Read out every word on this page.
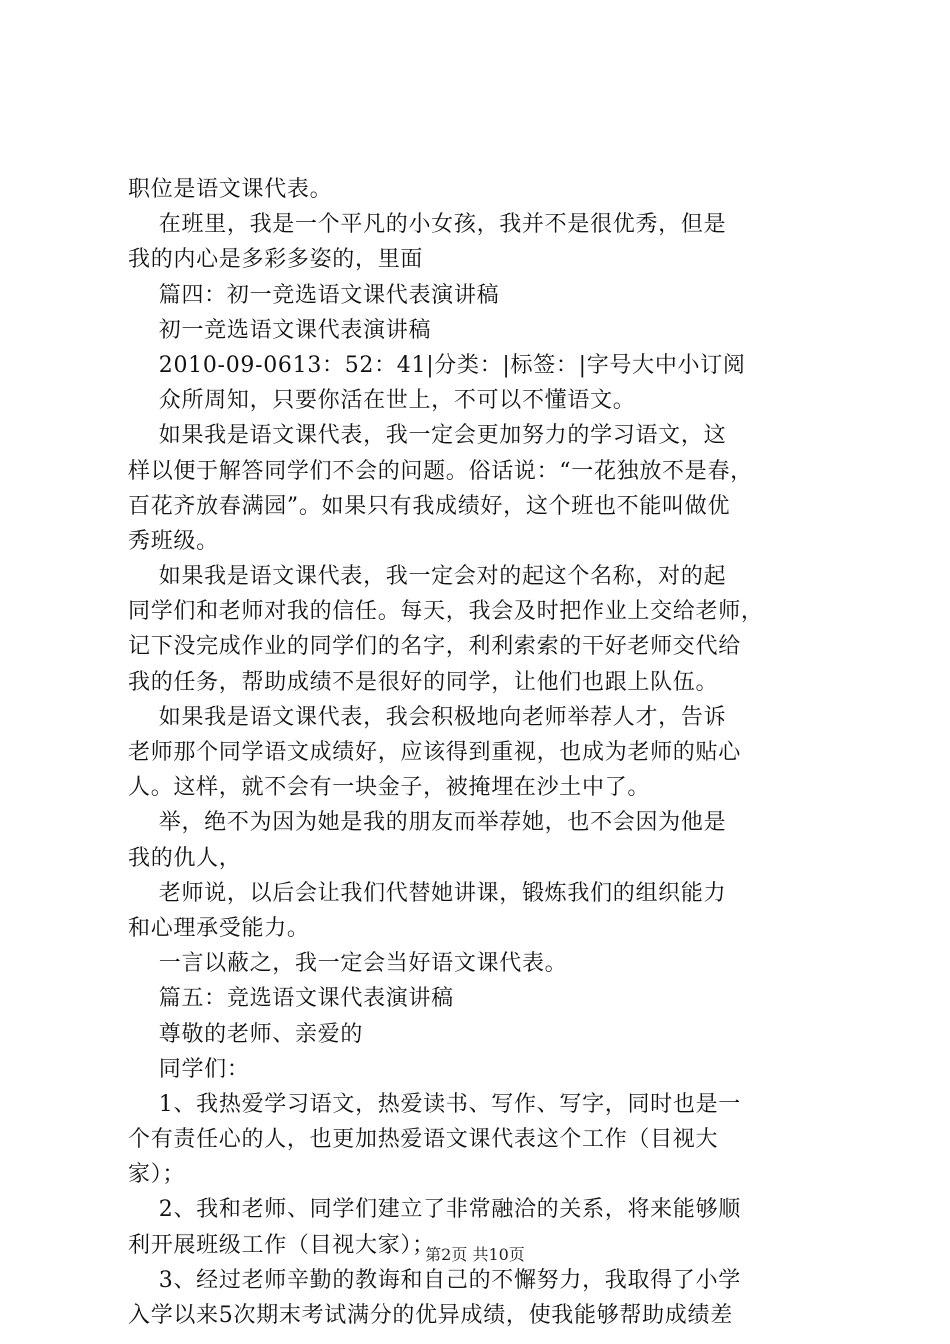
职位是语文课代表。
在班里，我是一个平凡的小女孩，我并不是很优秀，但是
我的内心是多彩多姿的，里面
篇四：初一竞选语文课代表演讲稿
初一竞选语文课代表演讲稿
2010-09-0613：52：41|分类：|标签：|字号大中小订阅
众所周知，只要你活在世上，不可以不懂语文。
如果我是语文课代表，我一定会更加努力的学习语文，这
样以便于解答同学们不会的问题。俗话说：“一花独放不是春，
百花齐放春满园”。如果只有我成绩好，这个班也不能叫做优
秀班级。
如果我是语文课代表，我一定会对的起这个名称，对的起
同学们和老师对我的信任。每天，我会及时把作业上交给老师，
记下没完成作业的同学们的名字，利利索索的干好老师交代给
我的任务，帮助成绩不是很好的同学，让他们也跟上队伍。
如果我是语文课代表，我会积极地向老师举荐人才，告诉
老师那个同学语文成绩好，应该得到重视，也成为老师的贴心
人。这样，就不会有一块金子，被掩埋在沙土中了。
举，绝不为因为她是我的朋友而举荐她，也不会因为他是
我的仇人，
老师说，以后会让我们代替她讲课，锻炼我们的组织能力
和心理承受能力。
一言以蔽之，我一定会当好语文课代表。
篇五：竞选语文课代表演讲稿
尊敬的老师、亲爱的
同学们：
1、我热爱学习语文，热爱读书、写作、写字，同时也是一
个有责任心的人，也更加热爱语文课代表这个工作（目视大
家）；
2、我和老师、同学们建立了非常融洽的关系，将来能够顺
利开展班级工作（目视大家）；
3、经过老师辛勤的教诲和自己的不懈努力，我取得了小学
入学以来5次期末考试满分的优异成绩，使我能够帮助成绩差
第2页 共10页
